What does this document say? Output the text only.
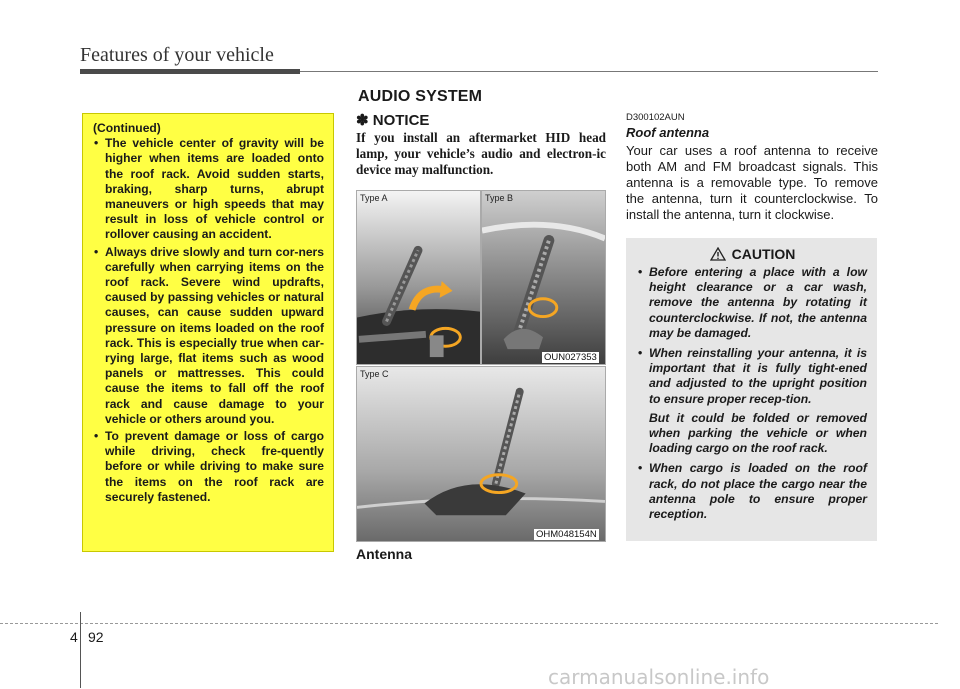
Features of your vehicle
AUDIO SYSTEM
(Continued)
• The vehicle center of gravity will be higher when items are loaded onto the roof rack. Avoid sudden starts, braking, sharp turns, abrupt maneuvers or high speeds that may result in loss of vehicle control or rollover causing an accident.
• Always drive slowly and turn cor-ners carefully when carrying items on the roof rack. Severe wind updrafts, caused by passing vehicles or natural causes, can cause sudden upward pressure on items loaded on the roof rack. This is especially true when car-rying large, flat items such as wood panels or mattresses. This could cause the items to fall off the roof rack and cause damage to your vehicle or others around you.
• To prevent damage or loss of cargo while driving, check fre-quently before or while driving to make sure the items on the roof rack are securely fastened.
✽ NOTICE
If you install an aftermarket HID head lamp, your vehicle’s audio and electron-ic device may malfunction.
Type A	Type B
OUN027353
Type C
OHM048154N
Antenna
D300102AUN
Roof antenna
Your car uses a roof antenna to receive both AM and FM broadcast signals. This antenna is a removable type. To remove the antenna, turn it counterclockwise. To install the antenna, turn it clockwise.
CAUTION

• Before entering a place with a low height clearance or a car wash, remove the antenna by rotating it counterclockwise. If not, the antenna may be damaged.

• When reinstalling your antenna, it is important that it is fully tight-ened and adjusted to the upright position to ensure proper recep-tion.

But it could be folded or removed when parking the vehicle or when loading cargo on the roof rack.

• When cargo is loaded on the roof rack, do not place the cargo near the antenna pole to ensure proper reception.

4 92
carmanualsonline.info
